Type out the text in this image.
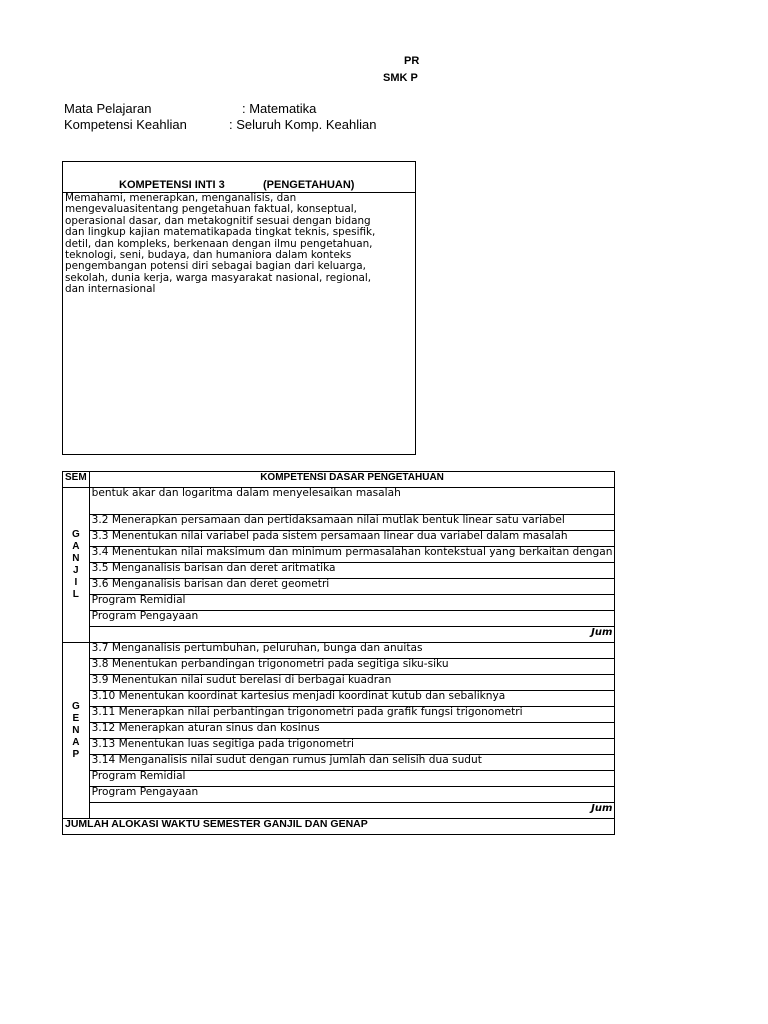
PR
SMK P
Mata Pelajaran	: Matematika
Kompetensi Keahlian	: Seluruh Komp. Keahlian
KOMPETENSI INTI 3	(PENGETAHUAN)
Memahami, menerapkan, menganalisis, dan
mengevaluasitentang pengetahuan faktual, konseptual,
operasional dasar, dan metakognitif sesuai dengan bidang
dan lingkup kajian matematikapada tingkat teknis, spesifik,
detil, dan kompleks, berkenaan dengan ilmu pengetahuan,
teknologi, seni, budaya, dan humaniora dalam konteks
pengembangan potensi diri sebagai bagian dari keluarga,
sekolah, dunia kerja, warga masyarakat nasional, regional,
dan internasional
SEM	KOMPETENSI DASAR PENGETAHUAN

G A N J I L	bentuk akar dan logaritma dalam menyelesaikan masalah
	3.2 Menerapkan persamaan dan pertidaksamaan nilai mutlak bentuk linear satu variabel
	3.3 Menentukan nilai variabel pada sistem persamaan linear dua variabel dalam masalah
	3.4 Menentukan nilai maksimum dan minimum permasalahan kontekstual yang berkaitan dengan
	3.5 Menganalisis barisan dan deret aritmatika
	3.6 Menganalisis barisan dan deret geometri
	Program Remidial
	Program Pengayaan
	Jum

G E N A P	3.7 Menganalisis pertumbuhan, peluruhan, bunga dan anuitas
	3.8 Menentukan perbandingan trigonometri pada segitiga siku-siku
	3.9 Menentukan nilai sudut berelasi di berbagai kuadran
	3.10 Menentukan koordinat kartesius menjadi koordinat kutub dan sebaliknya
	3.11 Menerapkan nilai perbantingan trigonometri pada grafik fungsi trigonometri
	3.12 Menerapkan aturan sinus dan kosinus
	3.13 Menentukan luas segitiga pada trigonometri
	3.14 Menganalisis nilai sudut dengan rumus jumlah dan selisih dua sudut
	Program Remidial
	Program Pengayaan
	Jum
JUMLAH ALOKASI WAKTU SEMESTER GANJIL DAN GENAP	
